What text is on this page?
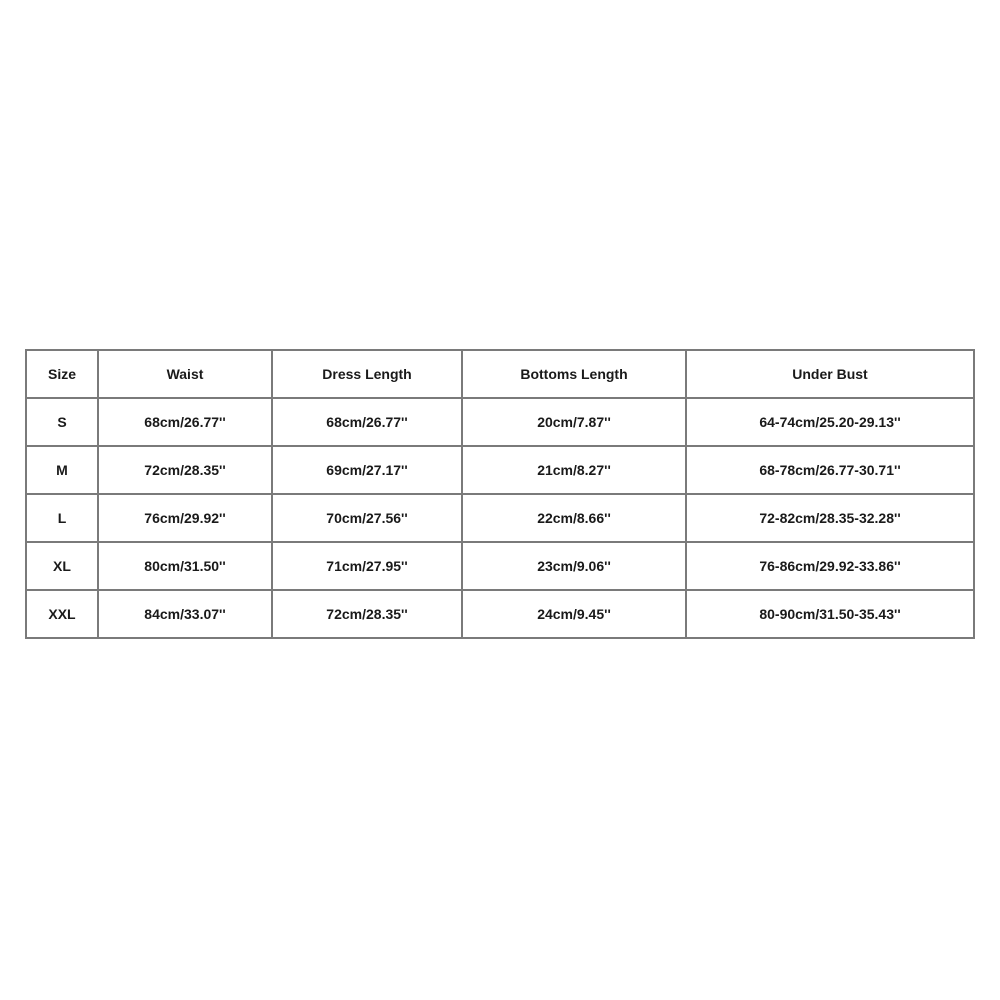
Size	Waist	Dress Length	Bottoms Length	Under Bust
S	68cm/26.77''	68cm/26.77''	20cm/7.87''	64-74cm/25.20-29.13''
M	72cm/28.35''	69cm/27.17''	21cm/8.27''	68-78cm/26.77-30.71''
L	76cm/29.92''	70cm/27.56''	22cm/8.66''	72-82cm/28.35-32.28''
XL	80cm/31.50''	71cm/27.95''	23cm/9.06''	76-86cm/29.92-33.86''
XXL	84cm/33.07''	72cm/28.35''	24cm/9.45''	80-90cm/31.50-35.43''
